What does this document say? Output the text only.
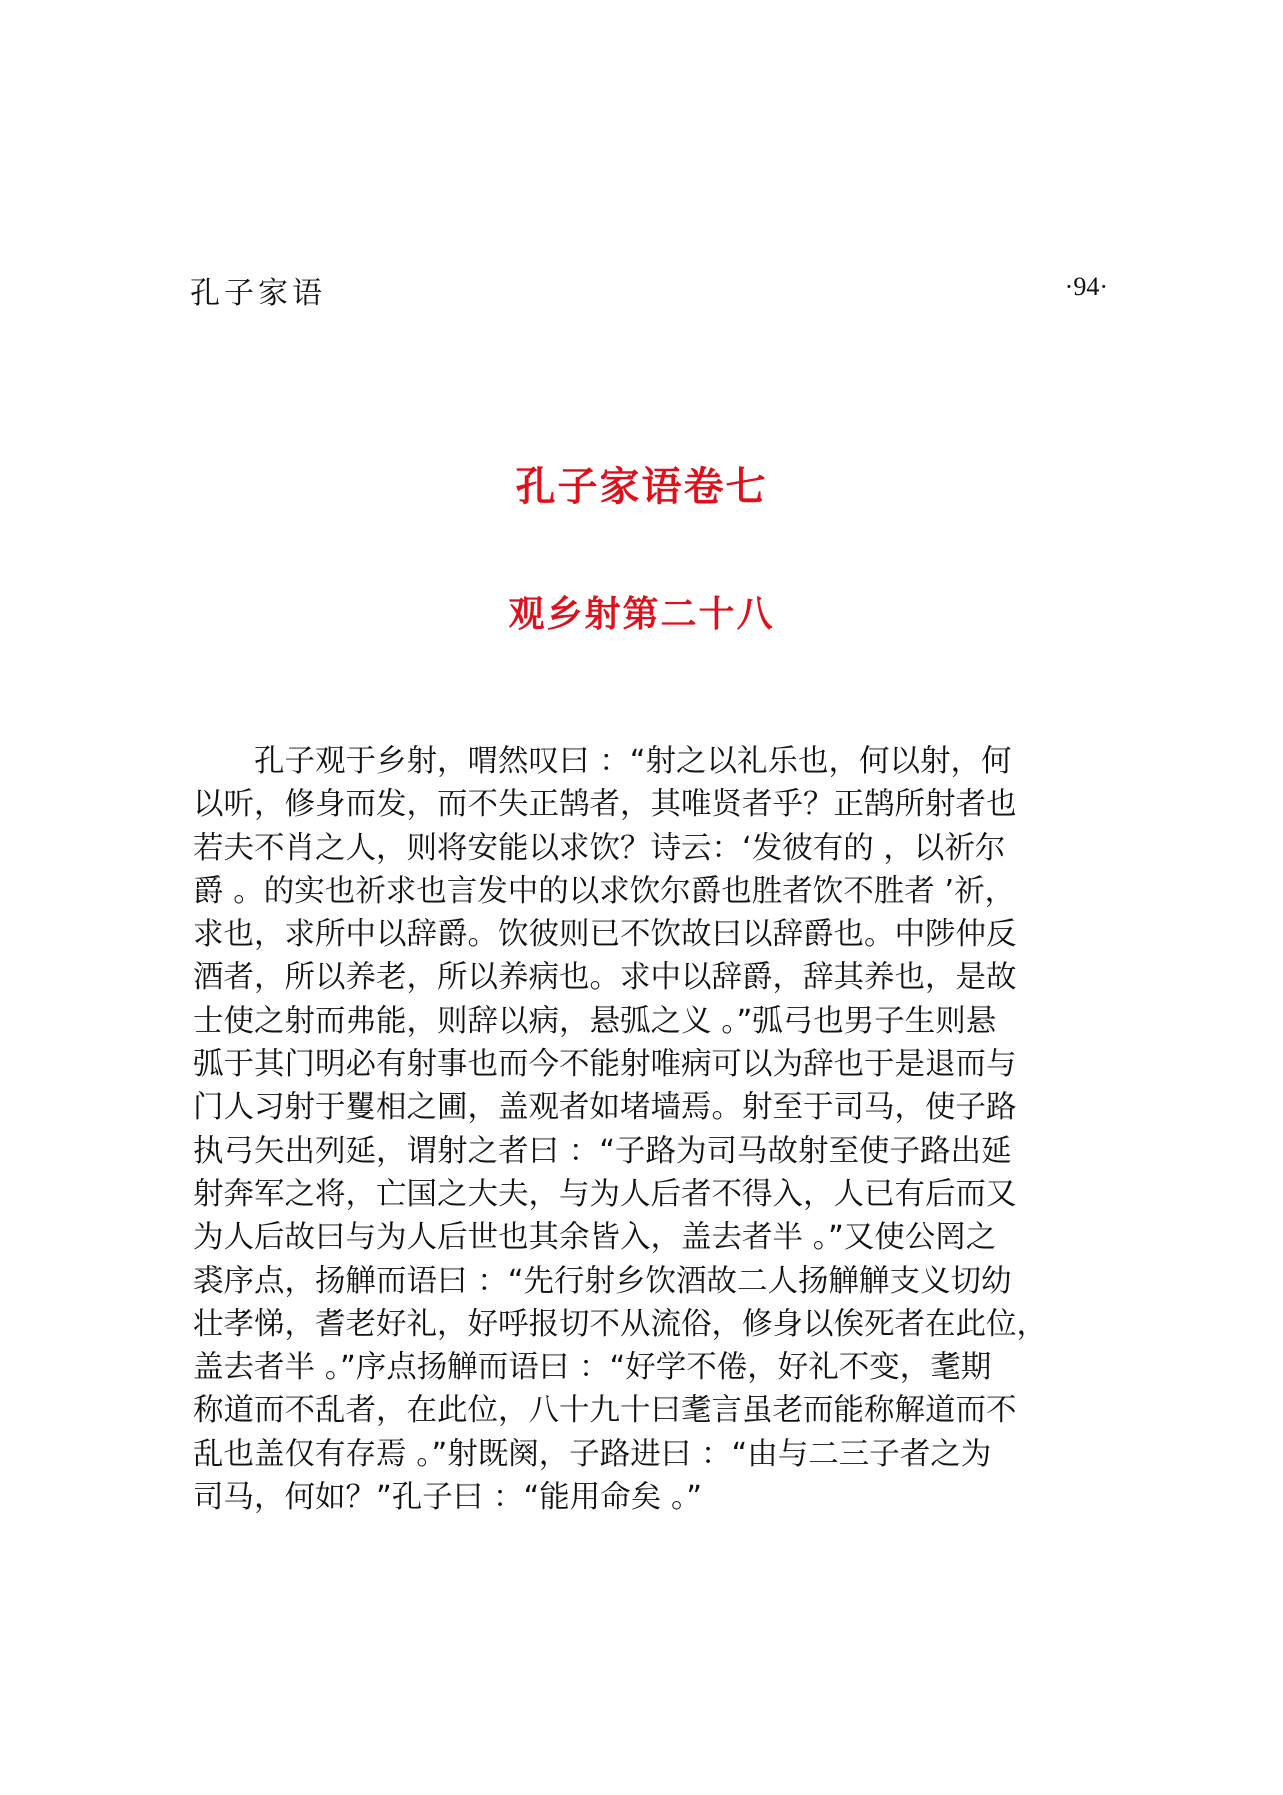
孔子家语	·94·
孔子家语卷七
观乡射第二十八
　　孔子观于乡射，喟然叹曰 ：“射之以礼乐也，何以射，何
以听，修身而发，而不失正鹄者，其唯贤者乎？正鹄所射者也
若夫不肖之人，则将安能以求饮？诗云：‘发彼有的 ，以祈尔
爵 。的实也祈求也言发中的以求饮尔爵也胜者饮不胜者 ’祈，
求也，求所中以辞爵。饮彼则已不饮故曰以辞爵也。中陟仲反
酒者，所以养老，所以养病也。求中以辞爵，辞其养也，是故
士使之射而弗能，则辞以病，悬弧之义 。”弧弓也男子生则悬
弧于其门明必有射事也而今不能射唯病可以为辞也于是退而与
门人习射于矍相之圃，盖观者如堵墙焉。射至于司马，使子路
执弓矢出列延，谓射之者曰 ：“子路为司马故射至使子路出延
射奔军之将，亡国之大夫，与为人后者不得入，人已有后而又
为人后故曰与为人后世也其余皆入，盖去者半 。”又使公罔之
裘序点，扬觯而语曰 ：“先行射乡饮酒故二人扬觯觯支义切幼
壮孝悌，耆老好礼，好呼报切不从流俗，修身以俟死者在此位，
盖去者半 。”序点扬觯而语曰 ：“好学不倦，好礼不变，耄期
称道而不乱者，在此位，八十九十曰耄言虽老而能称解道而不
乱也盖仅有存焉 。”射既阕，子路进曰 ：“由与二三子者之为
司马，何如？”孔子曰 ：“能用命矣 。”
